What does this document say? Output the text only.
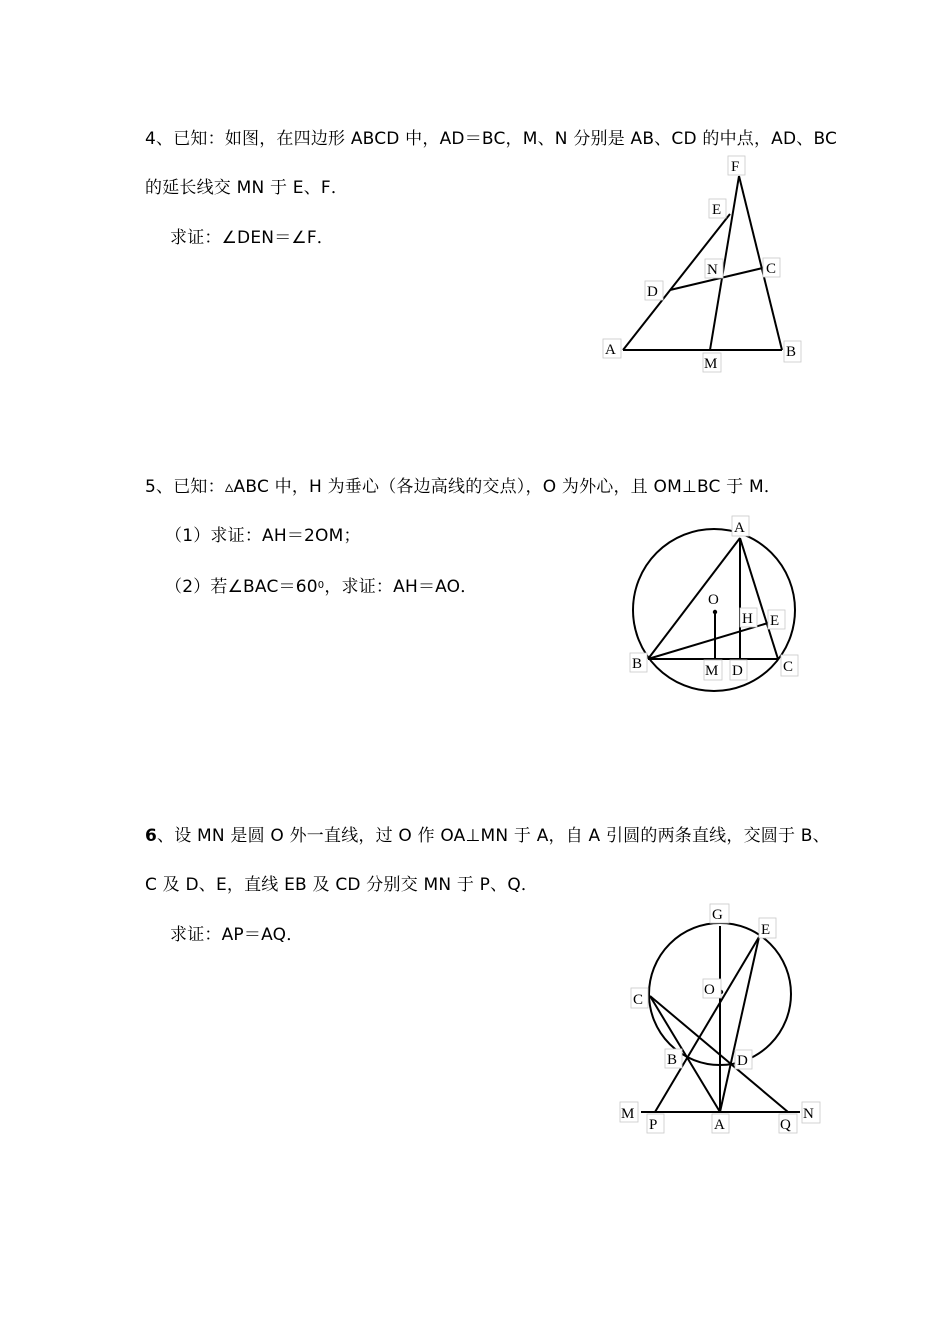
4、已知：如图，在四边形 ABCD 中，AD＝BC，M、N 分别是 AB、CD 的中点，AD、BC
的延长线交 MN 于 E、F．
求证：∠DEN＝∠F．
F
E
N	C
D
A
M
B
5、已知：▵ABC 中，H 为垂心（各边高线的交点），O 为外心，且 OM⊥BC 于 M．
（1）求证：AH＝2OM；
（2）若$\angle BAC=60^0$，求证：AH＝AO．
A
O
H E
B	M D	C
6、设 MN 是圆 O 外一直线，过 O 作 OA⊥MN 于 A，自 A 引圆的两条直线，交圆于 B、
C 及 D、E，直线 EB 及 CD 分别交 MN 于 P、Q．
求证：AP＝AQ．
G
E
O
C
B	D
M
P	A	Q
N
